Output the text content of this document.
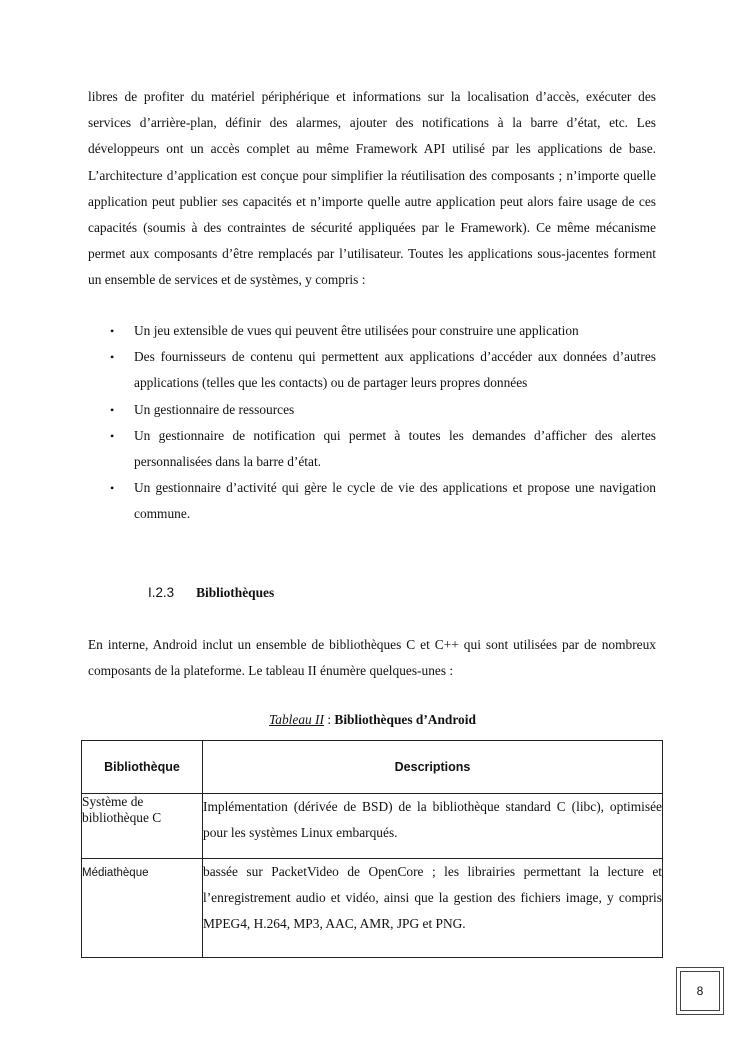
libres de profiter du matériel périphérique et informations sur la localisation d’accès, exécuter des services d’arrière-plan, définir des alarmes, ajouter des notifications à la barre d’état, etc. Les développeurs ont un accès complet au même Framework API utilisé par les applications de base. L’architecture d’application est conçue pour simplifier la réutilisation des composants ; n’importe quelle application peut publier ses capacités et n’importe quelle autre application peut alors faire usage de ces capacités (soumis à des contraintes de sécurité appliquées par le Framework). Ce même mécanisme permet aux composants d’être remplacés par l’utilisateur. Toutes les applications sous-jacentes forment un ensemble de services et de systèmes, y compris :

• Un jeu extensible de vues qui peuvent être utilisées pour construire une application
• Des fournisseurs de contenu qui permettent aux applications d’accéder aux données d’autres applications (telles que les contacts) ou de partager leurs propres données
• Un gestionnaire de ressources
• Un gestionnaire de notification qui permet à toutes les demandes d’afficher des alertes personnalisées dans la barre d’état.
• Un gestionnaire d’activité qui gère le cycle de vie des applications et propose une navigation commune.
I.2.3 Bibliothèques

En interne, Android inclut un ensemble de bibliothèques C et C++ qui sont utilisées par de nombreux composants de la plateforme. Le tableau II énumère quelques-unes :

Tableau II : Bibliothèques d’Android
Bibliothèque	Descriptions
Système de bibliothèque C	Implémentation (dérivée de BSD) de la bibliothèque standard C (libc), optimisée pour les systèmes Linux embarqués.
Médiathèque	bassée sur PacketVideo de OpenCore ; les librairies permettant la lecture et l’enregistrement audio et vidéo, ainsi que la gestion des fichiers image, y compris MPEG4, H.264, MP3, AAC, AMR, JPG et PNG.
8
